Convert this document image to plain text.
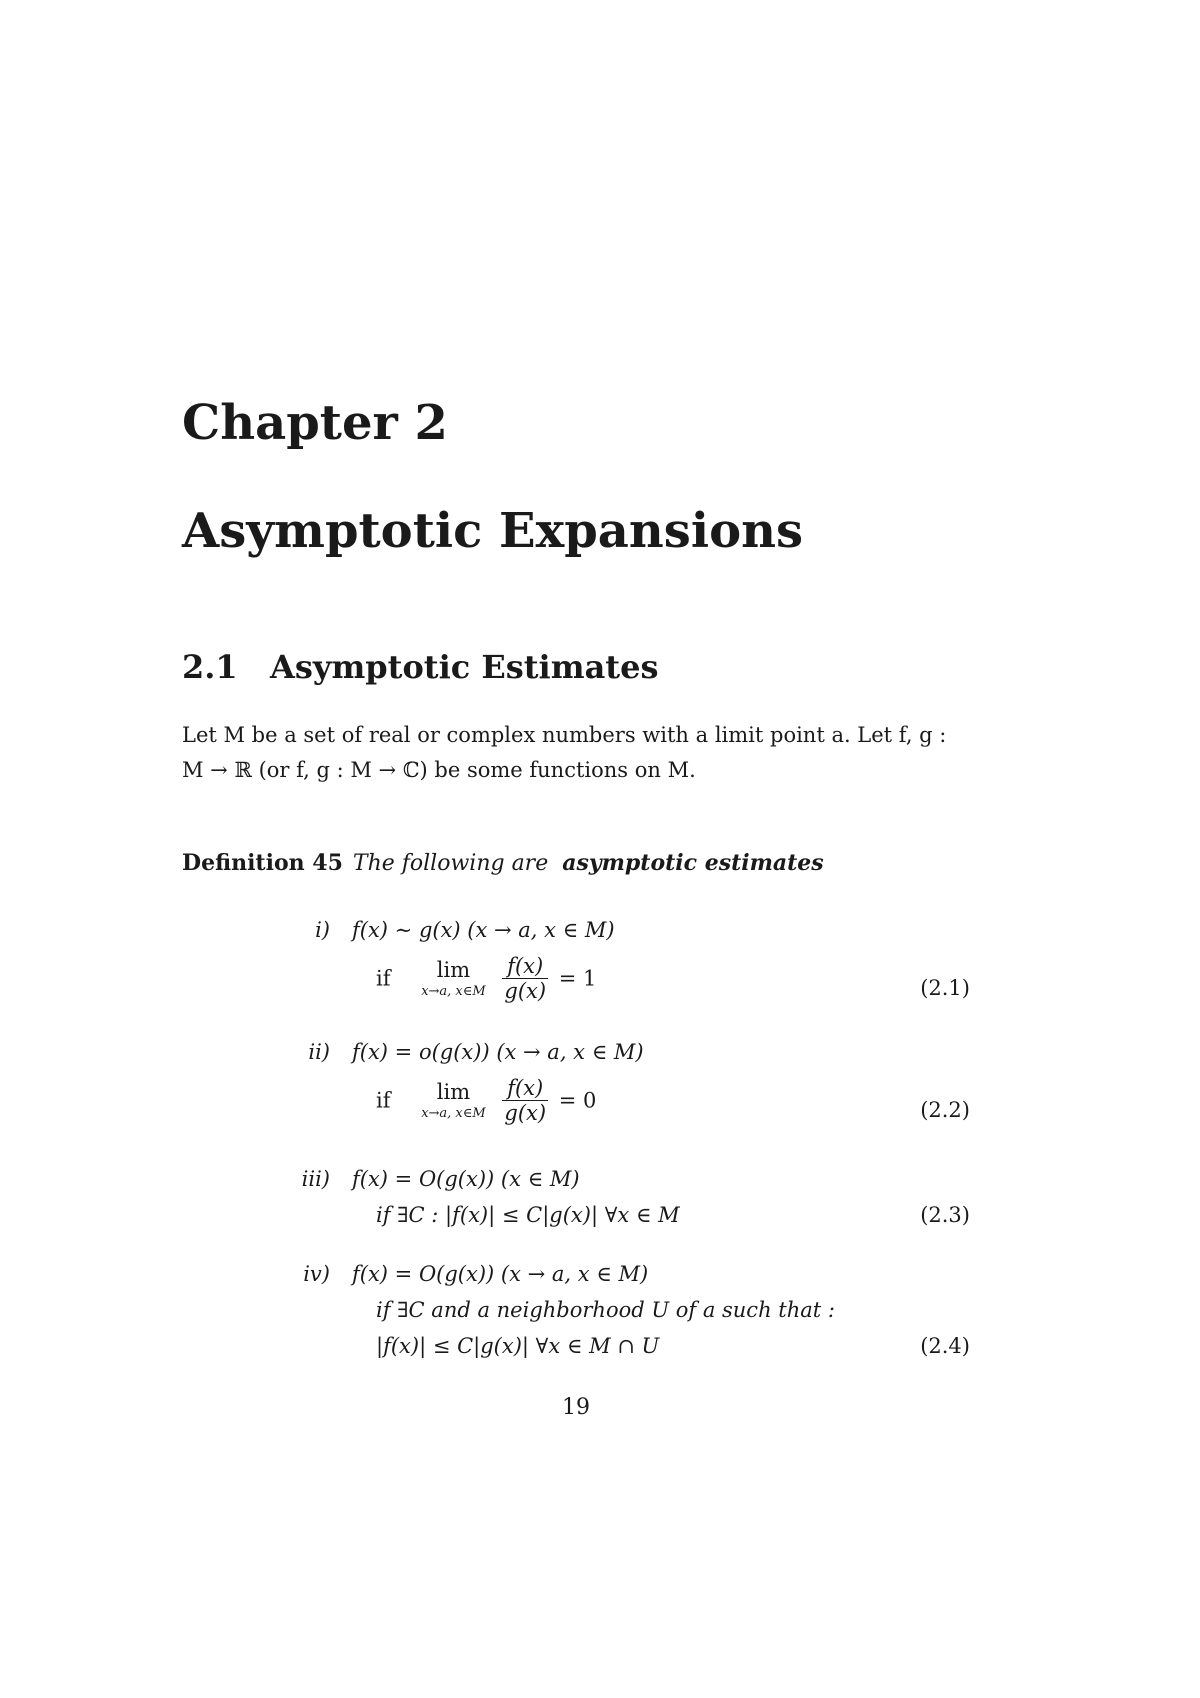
Chapter 2
Asymptotic Expansions
2.1 Asymptotic Estimates
Let M be a set of real or complex numbers with a limit point a. Let f, g :
M → ℝ (or f, g : M → ℂ) be some functions on M.
Definition 45 The following are asymptotic estimates
i) f(x) ∼ g(x) (x → a, x ∈ M)
if	lim
x→a, x∈M
$\frac{f(x)}{g(x)} = 1$	(2.1)
ii) f(x) = o(g(x)) (x → a, x ∈ M)
if	lim
x→a, x∈M
$\frac{f(x)}{g(x)} = 0$	(2.2)
iii) f(x) = O(g(x)) (x ∈ M)
if ∃C : |f(x)| ≤ C|g(x)| ∀x ∈ M	(2.3)
iv) f(x) = O(g(x)) (x → a, x ∈ M)
if ∃C and a neighborhood U of a such that :
|f(x)| ≤ C|g(x)| ∀x ∈ M ∩ U	(2.4)
19
